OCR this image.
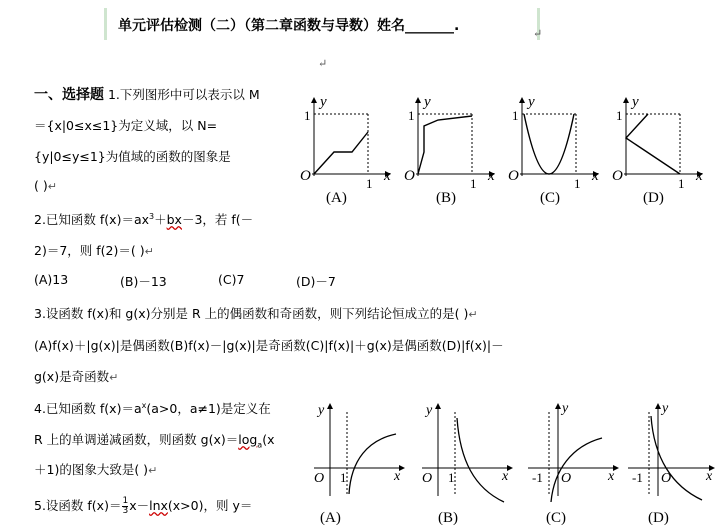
单元评估检测（二）（第二章函数与导数）姓名_______.	↵
↵
一、选择题 1.下列图形中可以表示以 M
＝{x|0≤x≤1}为定义域，以 N=
{y|0≤y≤1}为值域的函数的图象是
( )↵
O	1
1
x
y
O	1
1
x
y
O	1
1
x
y
O	1
1
x
y
(A)	(B)	(C)	(D)
2.已知函数 $f(x)=ax^3+bx-3$，若 f(－
2)＝7，则 f(2)＝( )↵
(A)13	(B)－13	(C)7	(D)－7
3.设函数 f(x)和 g(x)分别是 R 上的偶函数和奇函数，则下列结论恒成立的是( )↵
(A)f(x)＋|g(x)|是偶函数(B)f(x)－|g(x)|是奇函数(C)|f(x)|＋g(x)是偶函数(D)|f(x)|－
g(x)是奇函数↵
4.已知函数 $f(x)=a^x(a>0$，a≠1)是定义在
R 上的单调递减函数，则函数 $g(x)=\log_a(x$
＋1)的图象大致是( )↵
5.设函数 $f(x)= \frac{1}{3} x-\ln x(x>0)$，则 y＝
O 1	x
y
O 1	x
y
-1 O	x
y
-1 O x
y
(A)	(B)	(C)	(D)
